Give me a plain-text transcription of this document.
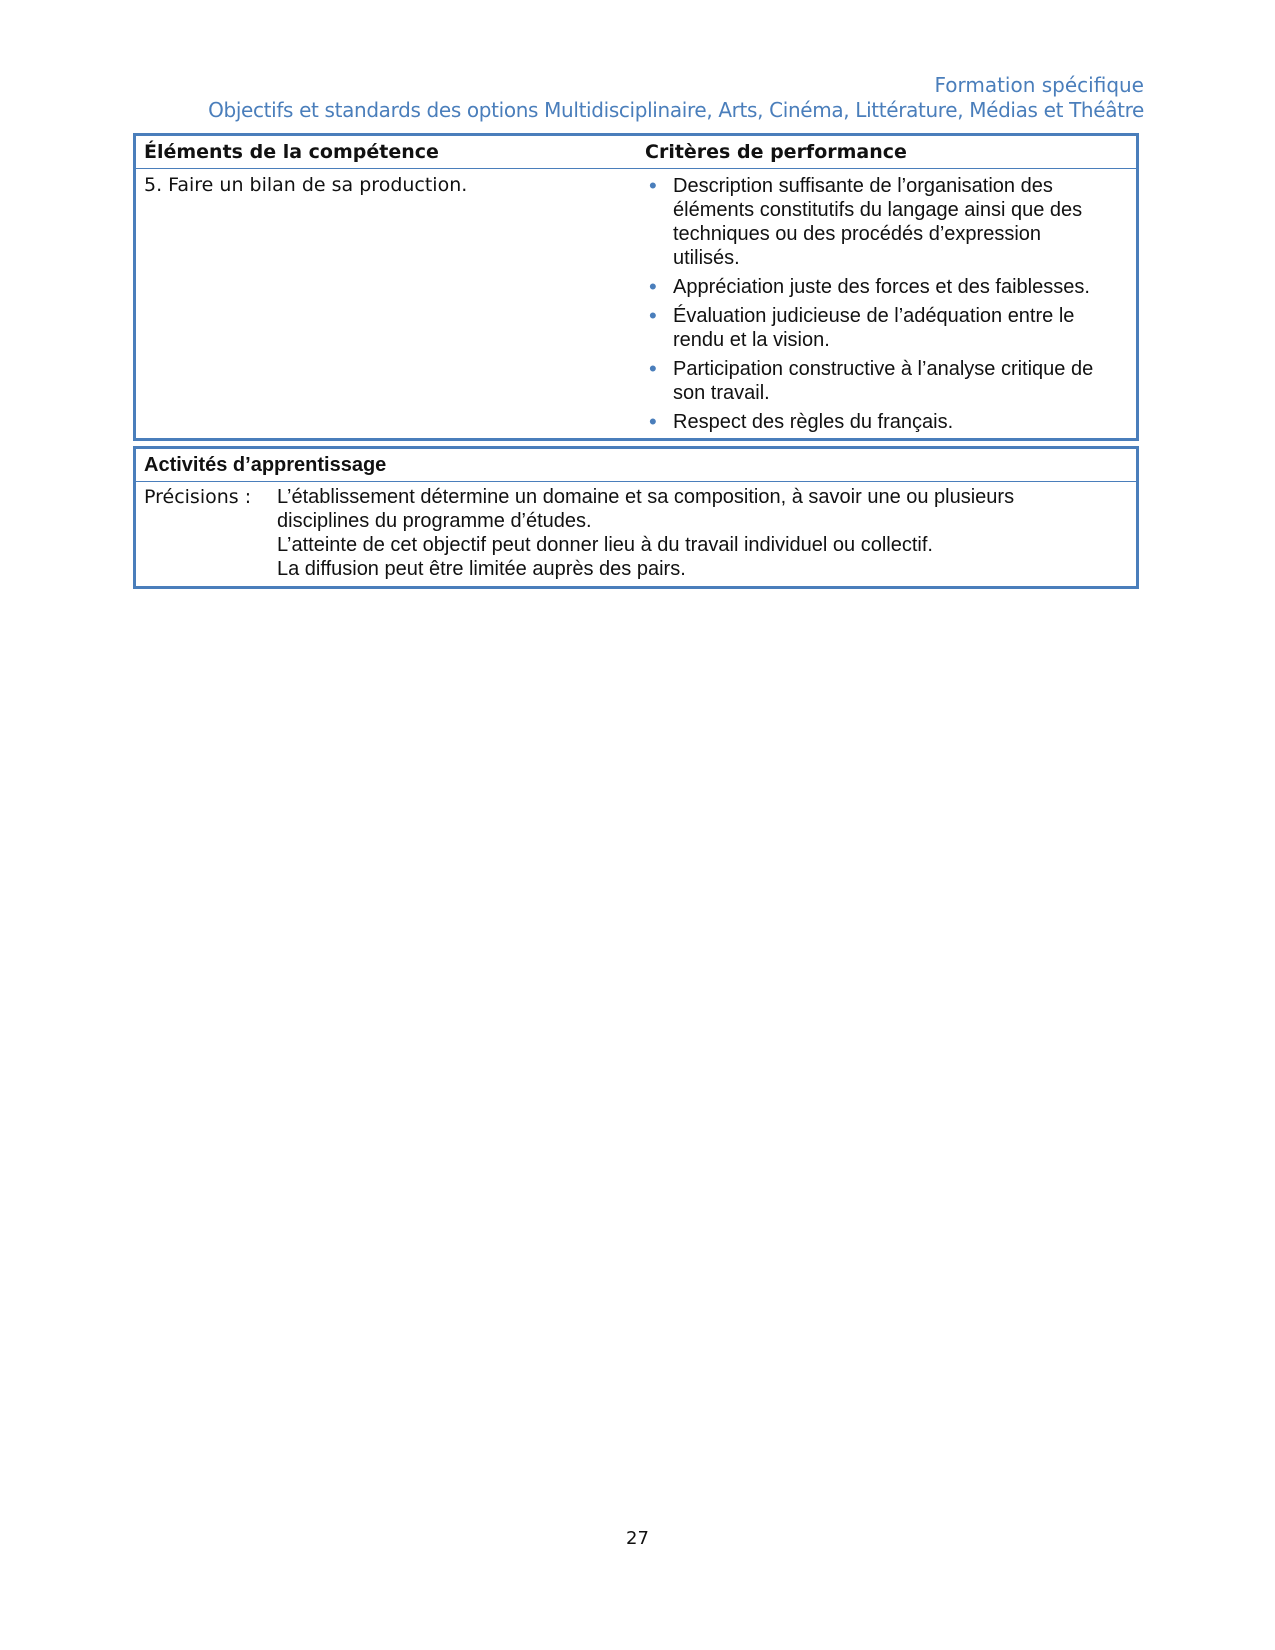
Formation spécifique
Objectifs et standards des options Multidisciplinaire, Arts, Cinéma, Littérature, Médias et Théâtre
Éléments de la compétence	Critères de performance
5. Faire un bilan de sa production.	• Description suffisante de l’organisation des
éléments constitutifs du langage ainsi que des
techniques ou des procédés d’expression
utilisés.
• Appréciation juste des forces et des faiblesses.
• Évaluation judicieuse de l’adéquation entre le
rendu et la vision.
• Participation constructive à l’analyse critique de
son travail.
• Respect des règles du français.
Activités d’apprentissage
Précisions : L’établissement détermine un domaine et sa composition, à savoir une ou plusieurs
disciplines du programme d’études.
L’atteinte de cet objectif peut donner lieu à du travail individuel ou collectif.
La diffusion peut être limitée auprès des pairs.
27
